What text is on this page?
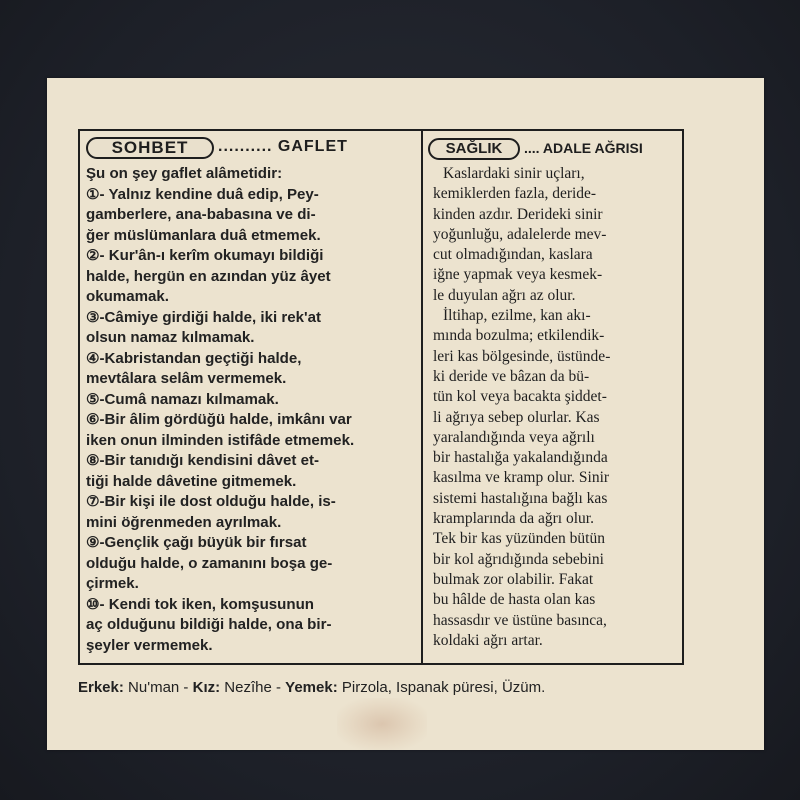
SOHBET	.......... GAFLET	SAĞLIK	.... ADALE AĞRISI
Şu on şey gaflet alâmetidir:
①- Yalnız kendine duâ edip, Pey-
gamberlere, ana-babasına ve di-
ğer müslümanlara duâ etmemek.
②- Kur'ân-ı kerîm okumayı bildiği
halde, hergün en azından yüz âyet
okumamak.
③-Câmiye girdiği halde, iki rek'at
olsun namaz kılmamak.
④-Kabristandan geçtiği halde,
mevtâlara selâm vermemek.
⑤-Cumâ namazı kılmamak.
⑥-Bir âlim gördüğü halde, imkânı var
iken onun ilminden istifâde etmemek.
⑧-Bir tanıdığı kendisini dâvet et-
tiği halde dâvetine gitmemek.
⑦-Bir kişi ile dost olduğu halde, is-
mini öğrenmeden ayrılmak.
⑨-Gençlik çağı büyük bir fırsat
olduğu halde, o zamanını boşa ge-
çirmek.
⑩- Kendi tok iken, komşusunun
aç olduğunu bildiği halde, ona bir-
şeyler vermemek.
Kaslardaki sinir uçları,
kemiklerden fazla, deride-
kinden azdır. Derideki sinir
yoğunluğu, adalelerde mev-
cut olmadığından, kaslara
iğne yapmak veya kesmek-
le duyulan ağrı az olur.
İltihap, ezilme, kan akı-
mında bozulma; etkilendik-
leri kas bölgesinde, üstünde-
ki deride ve bâzan da bü-
tün kol veya bacakta şiddet-
li ağrıya sebep olurlar. Kas
yaralandığında veya ağrılı
bir hastalığa yakalandığında
kasılma ve kramp olur. Sinir
sistemi hastalığına bağlı kas
kramplarında da ağrı olur.
Tek bir kas yüzünden bütün
bir kol ağrıdığında sebebini
bulmak zor olabilir. Fakat
bu hâlde de hasta olan kas
hassasdır ve üstüne basınca,
koldaki ağrı artar.
Erkek: Nu'man - Kız: Nezîhe - Yemek: Pirzola, Ispanak püresi, Üzüm.
